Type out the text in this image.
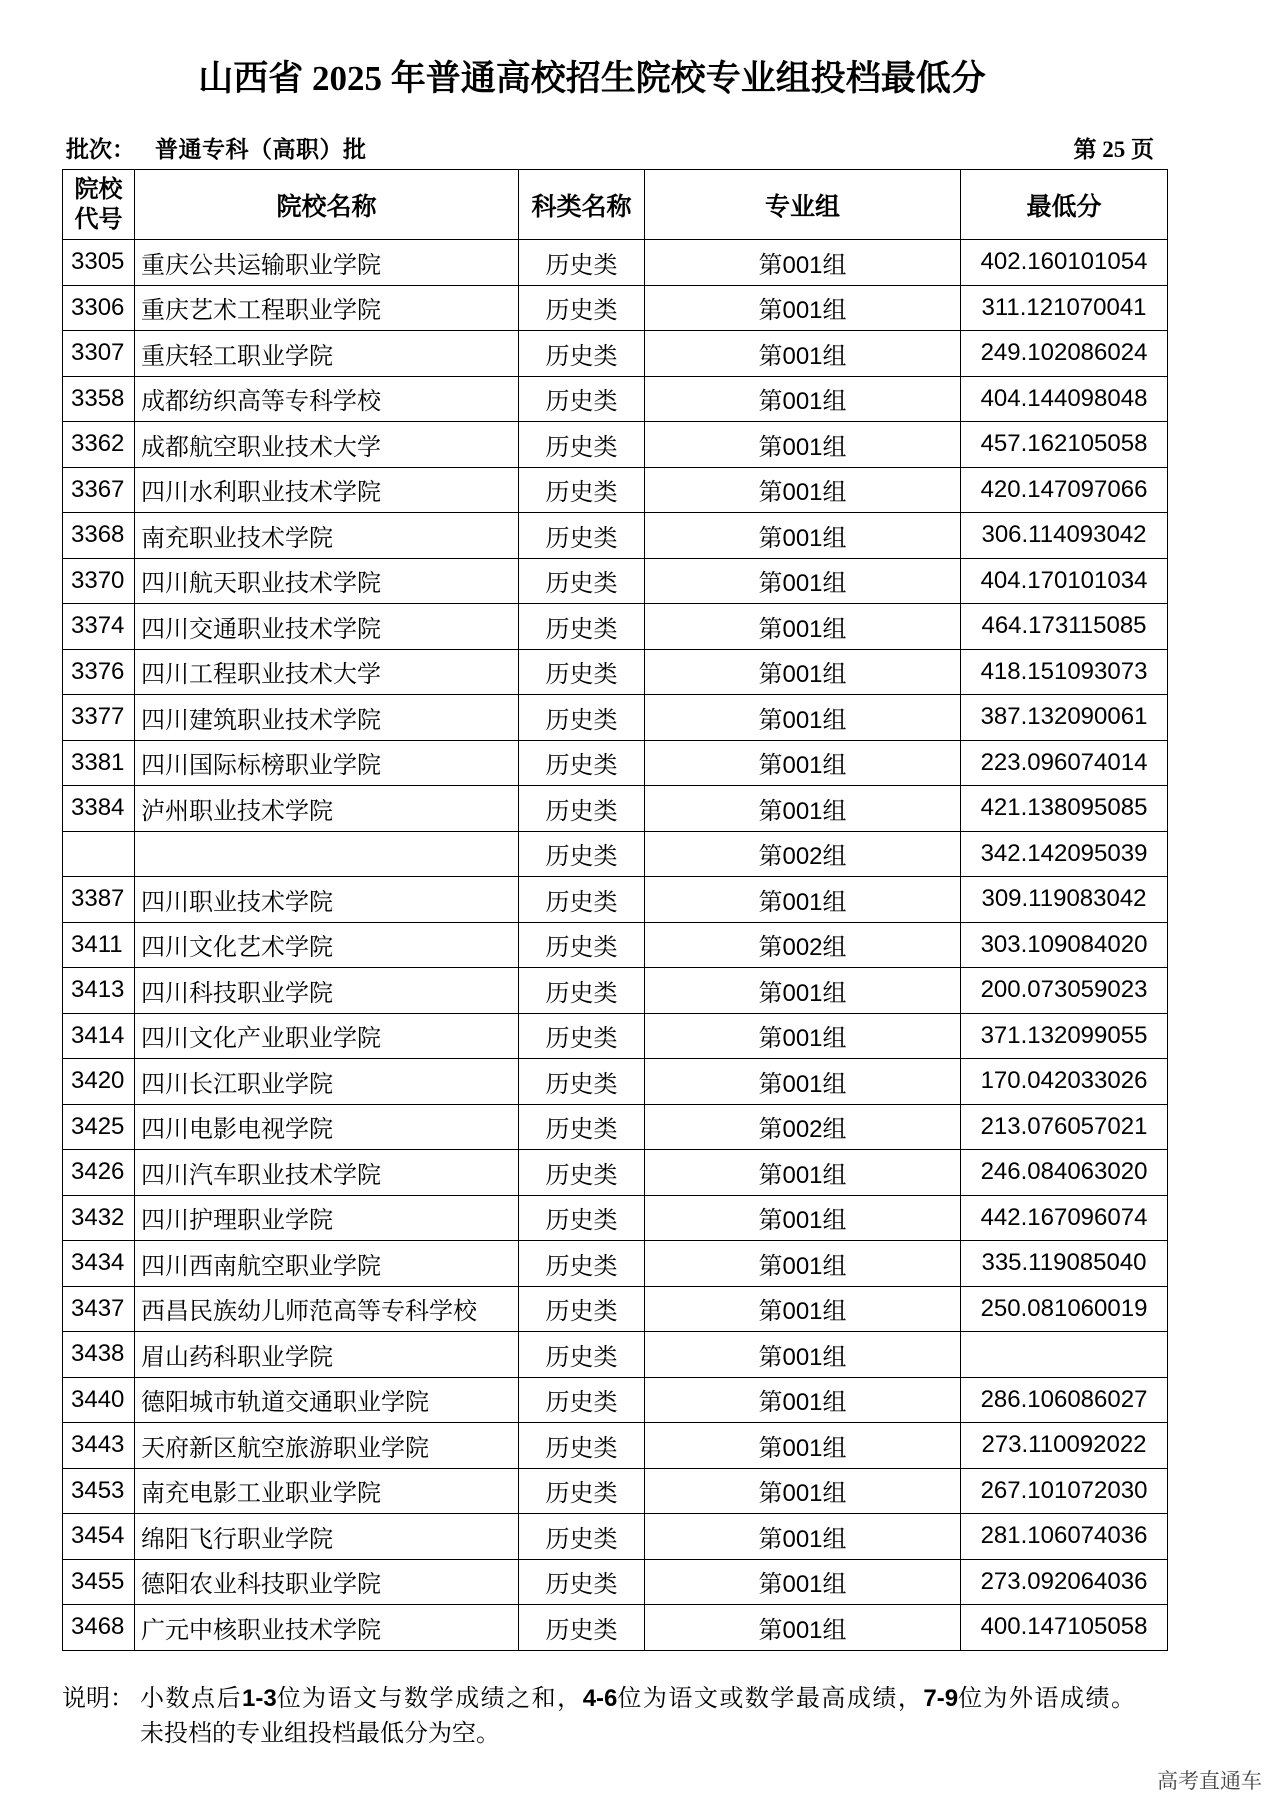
山西省 2025 年普通高校招生院校专业组投档最低分
批次： 普通专科（高职）批	第 25 页
院校
代号	院校名称	科类名称	专业组	最低分
3305	重庆公共运输职业学院	历史类	第001组	402.160101054
3306	重庆艺术工程职业学院	历史类	第001组	311.121070041
3307	重庆轻工职业学院	历史类	第001组	249.102086024
3358	成都纺织高等专科学校	历史类	第001组	404.144098048
3362	成都航空职业技术大学	历史类	第001组	457.162105058
3367	四川水利职业技术学院	历史类	第001组	420.147097066
3368	南充职业技术学院	历史类	第001组	306.114093042
3370	四川航天职业技术学院	历史类	第001组	404.170101034
3374	四川交通职业技术学院	历史类	第001组	464.173115085
3376	四川工程职业技术大学	历史类	第001组	418.151093073
3377	四川建筑职业技术学院	历史类	第001组	387.132090061
3381	四川国际标榜职业学院	历史类	第001组	223.096074014
3384	泸州职业技术学院	历史类	第001组	421.138095085
		历史类	第002组	342.142095039
3387	四川职业技术学院	历史类	第001组	309.119083042
3411	四川文化艺术学院	历史类	第002组	303.109084020
3413	四川科技职业学院	历史类	第001组	200.073059023
3414	四川文化产业职业学院	历史类	第001组	371.132099055
3420	四川长江职业学院	历史类	第001组	170.042033026
3425	四川电影电视学院	历史类	第002组	213.076057021
3426	四川汽车职业技术学院	历史类	第001组	246.084063020
3432	四川护理职业学院	历史类	第001组	442.167096074
3434	四川西南航空职业学院	历史类	第001组	335.119085040
3437	西昌民族幼儿师范高等专科学校	历史类	第001组	250.081060019
3438	眉山药科职业学院	历史类	第001组	
3440	德阳城市轨道交通职业学院	历史类	第001组	286.106086027
3443	天府新区航空旅游职业学院	历史类	第001组	273.110092022
3453	南充电影工业职业学院	历史类	第001组	267.101072030
3454	绵阳飞行职业学院	历史类	第001组	281.106074036
3455	德阳农业科技职业学院	历史类	第001组	273.092064036
3468	广元中核职业技术学院	历史类	第001组	400.147105058
说明： 小数点后1-3位为语文与数学成绩之和，4-6位为语文或数学最高成绩，7-9位为外语成绩。
未投档的专业组投档最低分为空。
高考直通车
